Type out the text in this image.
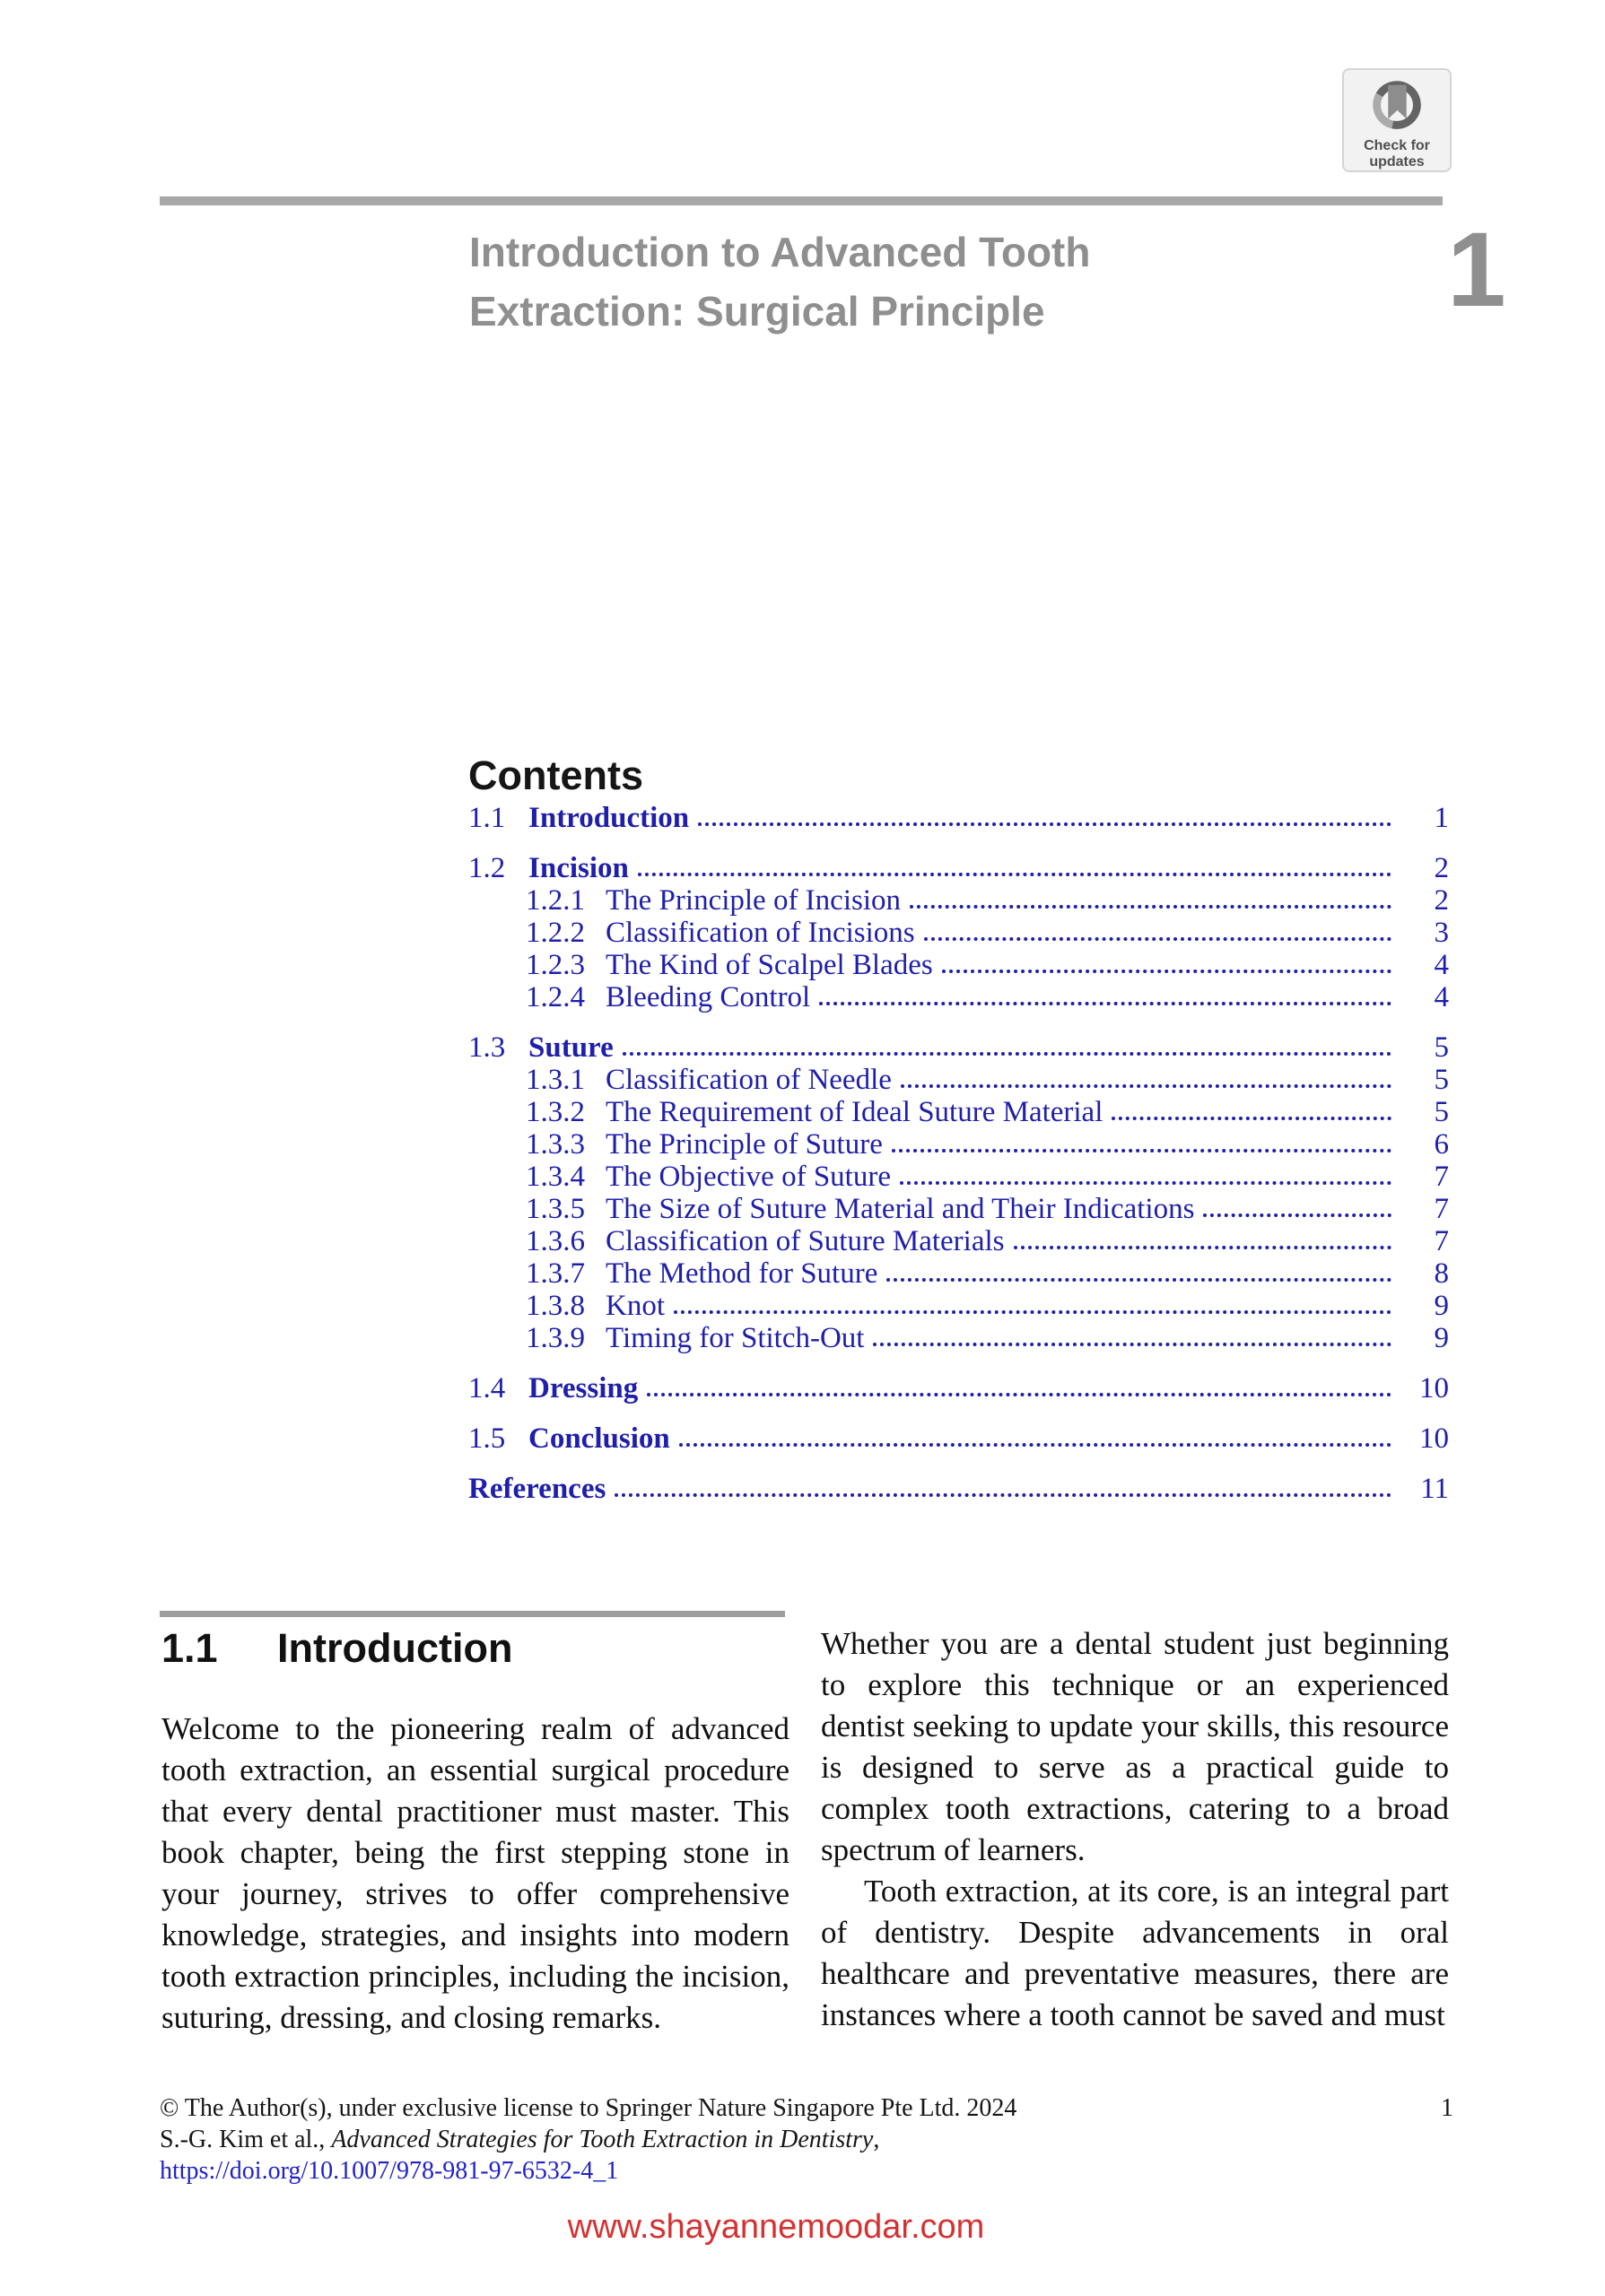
Check for
updates
Introduction to Advanced Tooth
Extraction: Surgical Principle	1
Contents
1.1 Introduction	1
1.2 Incision	2
1.2.1 The Principle of Incision	2
1.2.2 Classification of Incisions	3
1.2.3 The Kind of Scalpel Blades	4
1.2.4 Bleeding Control	4
1.3 Suture	5
1.3.1 Classification of Needle	5
1.3.2 The Requirement of Ideal Suture Material	5
1.3.3 The Principle of Suture	6
1.3.4 The Objective of Suture	7
1.3.5 The Size of Suture Material and Their Indications	7
1.3.6 Classification of Suture Materials	7
1.3.7 The Method for Suture	8
1.3.8 Knot	9
1.3.9 Timing for Stitch-Out	9
1.4 Dressing	10
1.5 Conclusion	10
References	11
1.1	Introduction

Welcome to the pioneering realm of advanced tooth extraction, an essential surgical procedure that every dental practitioner must master. This book chapter, being the first stepping stone in your journey, strives to offer comprehensive knowledge, strategies, and insights into modern tooth extraction principles, including the incision, suturing, dressing, and closing remarks.

Whether you are a dental student just beginning to explore this technique or an experienced dentist seeking to update your skills, this resource is designed to serve as a practical guide to complex tooth extractions, catering to a broad spectrum of learners.

Tooth extraction, at its core, is an integral part of dentistry. Despite advancements in oral healthcare and preventative measures, there are instances where a tooth cannot be saved and must

© The Author(s), under exclusive license to Springer Nature Singapore Pte Ltd. 2024	1
S.-G. Kim et al., Advanced Strategies for Tooth Extraction in Dentistry,
https://doi.org/10.1007/978-981-97-6532-4_1
www.shayannemoodar.com
